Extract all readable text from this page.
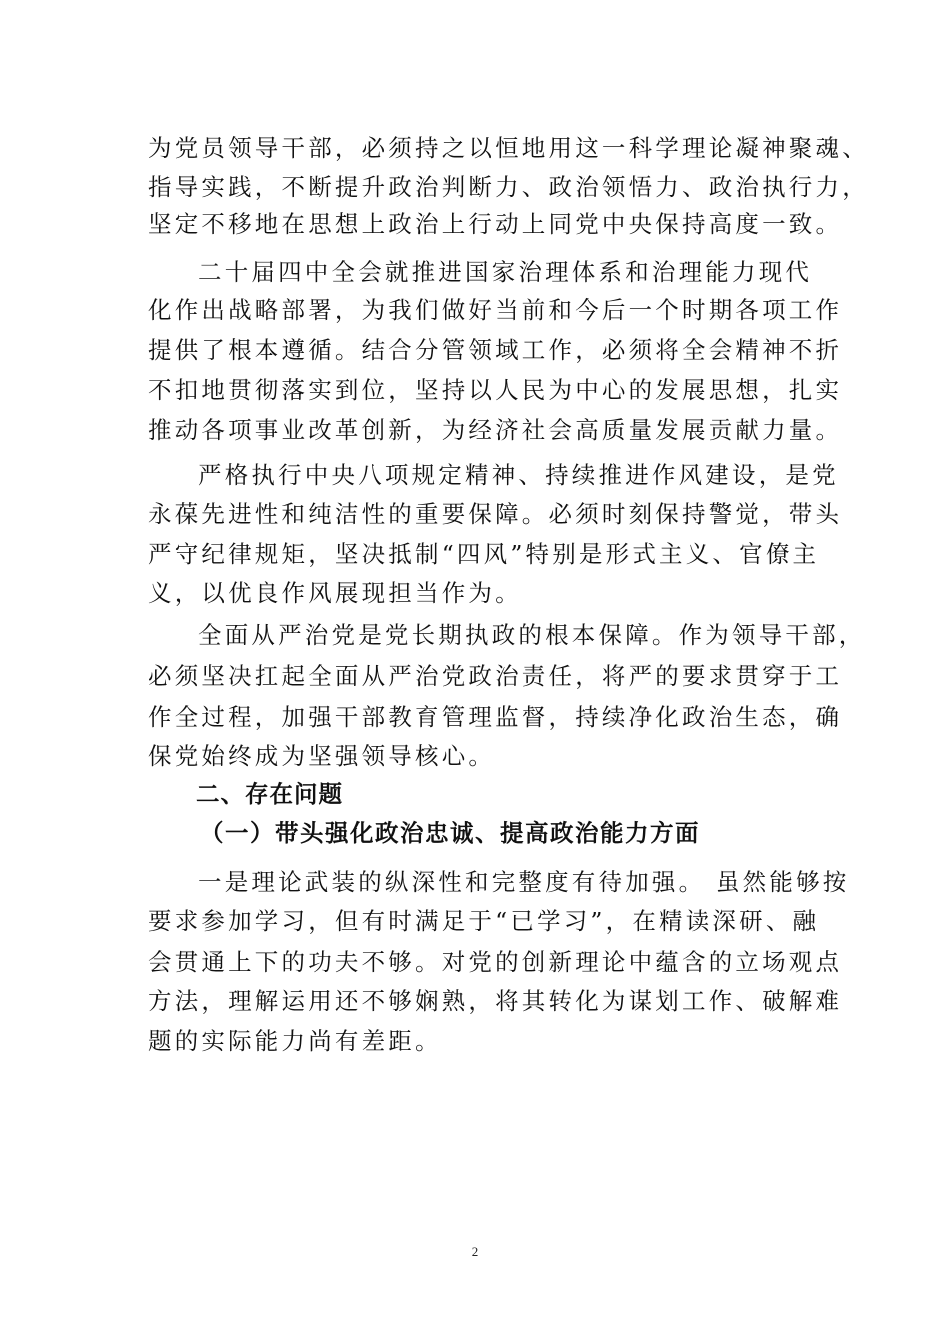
为党员领导干部，必须持之以恒地用这一科学理论凝神聚魂、
指导实践，不断提升政治判断力、政治领悟力、政治执行力，
坚定不移地在思想上政治上行动上同党中央保持高度一致。
二十届四中全会就推进国家治理体系和治理能力现代
化作出战略部署，为我们做好当前和今后一个时期各项工作
提供了根本遵循。结合分管领域工作，必须将全会精神不折
不扣地贯彻落实到位，坚持以人民为中心的发展思想，扎实
推动各项事业改革创新，为经济社会高质量发展贡献力量。
严格执行中央八项规定精神、持续推进作风建设，是党
永葆先进性和纯洁性的重要保障。必须时刻保持警觉，带头
严守纪律规矩，坚决抵制“四风”特别是形式主义、官僚主
义，以优良作风展现担当作为。
全面从严治党是党长期执政的根本保障。作为领导干部，
必须坚决扛起全面从严治党政治责任，将严的要求贯穿于工
作全过程，加强干部教育管理监督，持续净化政治生态，确
保党始终成为坚强领导核心。
二、存在问题
（一）带头强化政治忠诚、提高政治能力方面
一是理论武装的纵深性和完整度有待加强。 虽然能够按
要求参加学习，但有时满足于“已学习”，在精读深研、融
会贯通上下的功夫不够。对党的创新理论中蕴含的立场观点
方法，理解运用还不够娴熟，将其转化为谋划工作、破解难
题的实际能力尚有差距。
2
